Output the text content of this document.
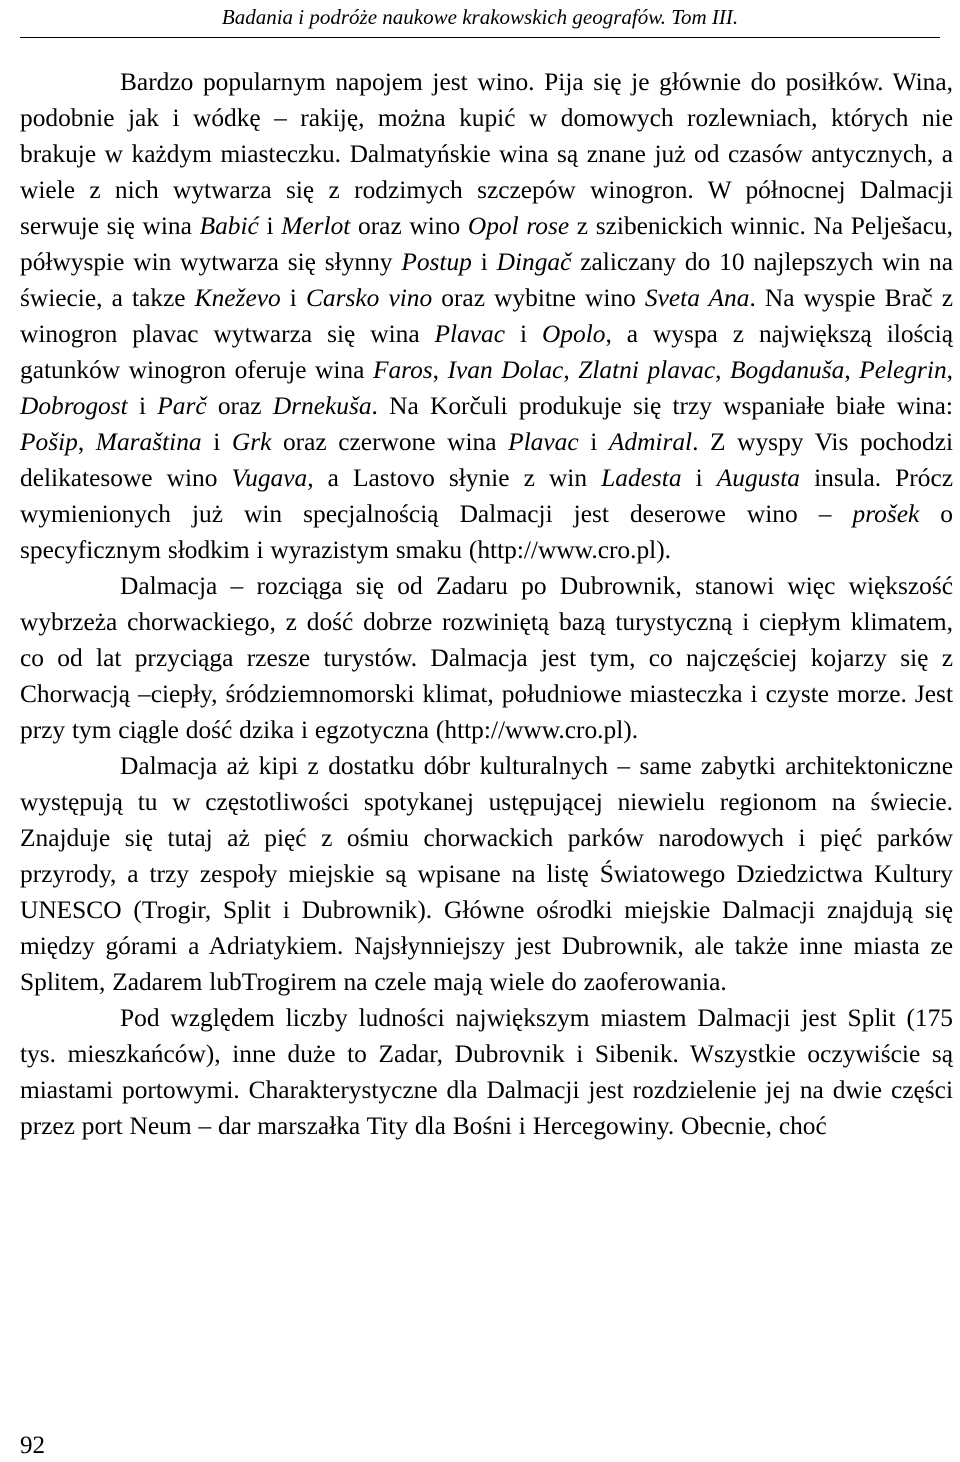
Badania i podróże naukowe krakowskich geografów. Tom III.

Bardzo popularnym napojem jest wino. Pija się je głównie do posiłków. Wina, podobnie jak i wódkę – rakiję, można kupić w domowych rozlewniach, których nie brakuje w każdym miasteczku. Dalmatyńskie wina są znane już od czasów antycznych, a wiele z nich wytwarza się z rodzimych szczepów winogron. W północnej Dalmacji serwuje się wina Babić i Merlot oraz wino Opol rose z szibenickich winnic. Na Pelješacu, półwyspie win wytwarza się słynny Postup i Dingač zaliczany do 10 najlepszych win na świecie, a takze Kneževo i Carsko vino oraz wybitne wino Sveta Ana. Na wyspie Brač z winogron plavac wytwarza się wina Plavac i Opolo, a wyspa z największą ilością gatunków winogron oferuje wina Faros, Ivan Dolac, Zlatni plavac, Bogdanuša, Pelegrin, Dobrogost i Parč oraz Drnekuša. Na Korčuli produkuje się trzy wspaniałe białe wina: Pošip, Maraština i Grk oraz czerwone wina Plavac i Admiral. Z wyspy Vis pochodzi delikatesowe wino Vugava, a Lastovo słynie z win Ladesta i Augusta insula. Prócz wymienionych już win specjalnością Dalmacji jest deserowe wino – prošek o specyficznym słodkim i wyrazistym smaku (http://www.cro.pl).

Dalmacja – rozciąga się od Zadaru po Dubrownik, stanowi więc większość wybrzeża chorwackiego, z dość dobrze rozwiniętą bazą turystyczną i ciepłym klimatem, co od lat przyciąga rzesze turystów. Dalmacja jest tym, co najczęściej kojarzy się z Chorwacją –ciepły, śródziemnomorski klimat, południowe miasteczka i czyste morze. Jest przy tym ciągle dość dzika i egzotyczna (http://www.cro.pl).

Dalmacja aż kipi z dostatku dóbr kulturalnych – same zabytki architektoniczne występują tu w częstotliwości spotykanej ustępującej niewielu regionom na świecie. Znajduje się tutaj aż pięć z ośmiu chorwackich parków narodowych i pięć parków przyrody, a trzy zespoły miejskie są wpisane na listę Światowego Dziedzictwa Kultury UNESCO (Trogir, Split i Dubrownik). Główne ośrodki miejskie Dalmacji znajdują się między górami a Adriatykiem. Najsłynniejszy jest Dubrownik, ale także inne miasta ze Splitem, Zadarem lubTrogirem na czele mają wiele do zaoferowania.

Pod względem liczby ludności największym miastem Dalmacji jest Split (175 tys. mieszkańców), inne duże to Zadar, Dubrovnik i Sibenik. Wszystkie oczywiście są miastami portowymi. Charakterystyczne dla Dalmacji jest rozdzielenie jej na dwie części przez port Neum – dar marszałka Tity dla Bośni i Hercegowiny. Obecnie, choć

92
